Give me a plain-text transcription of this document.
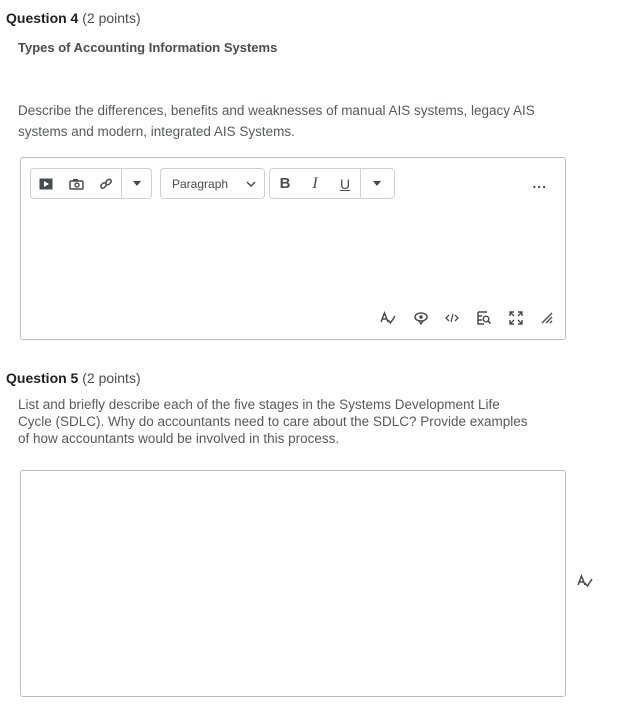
Question 4 (2 points)
Types of Accounting Information Systems
Describe the differences, benefits and weaknesses of manual AIS systems, legacy AIS
systems and modern, integrated AIS Systems.
Paragraph	B	I	U	...
Question 5 (2 points)
List and briefly describe each of the five stages in the Systems Development Life
Cycle (SDLC). Why do accountants need to care about the SDLC? Provide examples
of how accountants would be involved in this process.
